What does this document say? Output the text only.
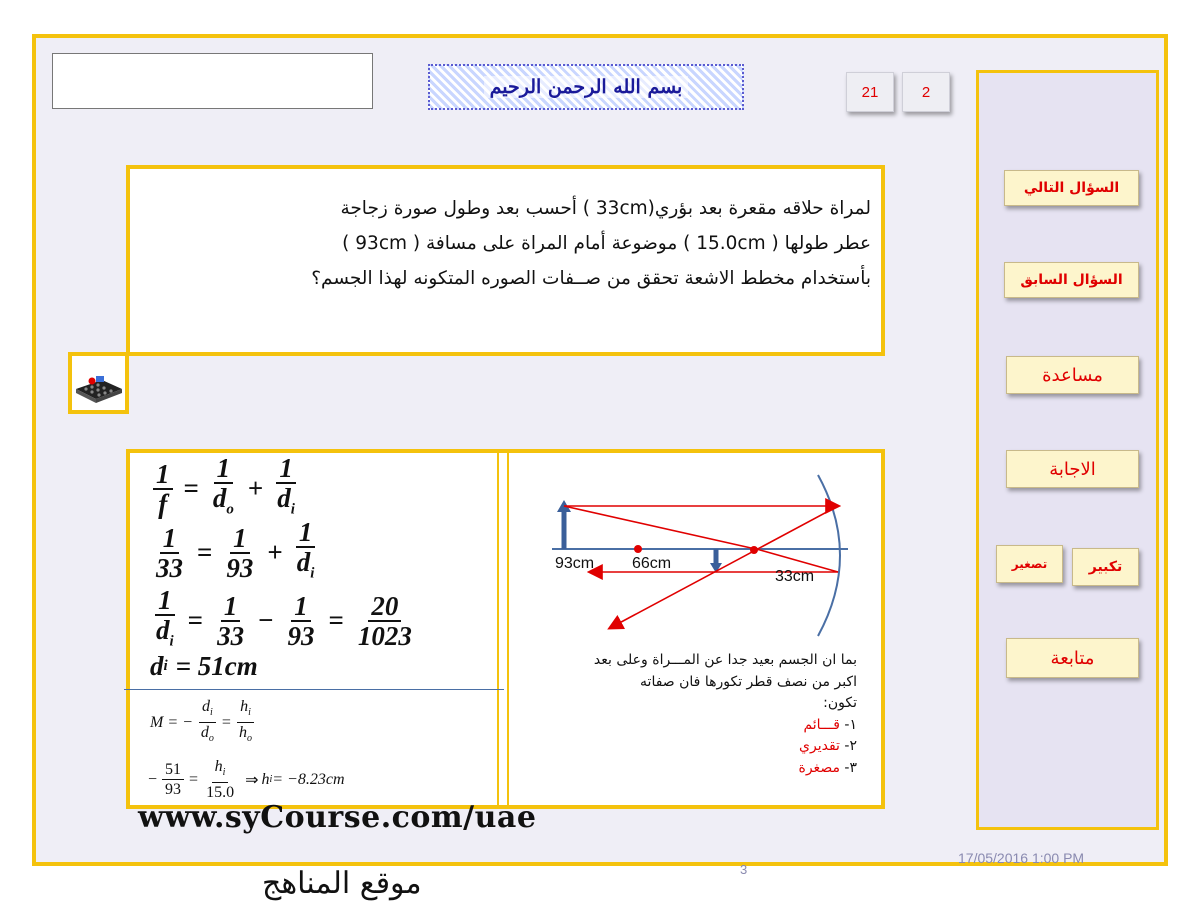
بسم الله الرحمن الرحيم	21	2
السؤال التالي
السؤال السابق
مساعدة
الاجابة
تصغير	تكبير
متابعة

لمراة حلاقه مقعرة بعد بؤري(33cm ) أحسب بعد وطول صورة زجاجة
عطر طولها ( 15.0cm ) موضوعة أمام المراة على مسافة ( 93cm )
بأستخدام مخطط الاشعة تحقق من صــفات الصوره المتكونه لهذا الجسم؟

$\frac{1}{f} = \frac{1}{d_o} + \frac{1}{d_i}$
$\frac{1}{33} = \frac{1}{93} + \frac{1}{d_i}$
$\frac{1}{d_i} = \frac{1}{33} - \frac{1}{93} = \frac{20}{1023}$
d i = 51cm
M = − $\frac{d_i}{d_o} = \frac{h_i}{h_o}$
− $\frac{51}{93} = \frac{h_i}{15.0}$ ⇒ h i = −8.23cm
93cm 66cm
33cm
بما ان الجسم بعيد جدا عن المـــراة وعلى بعد
اكبر من نصف قطر تكورها فان صفاته
تكون:
١- قـــائم
٢- تقديري
٣- مصغرة
www.syCourse.com/uae
موقع المناهج
17/05/2016 1:00 PM
3
